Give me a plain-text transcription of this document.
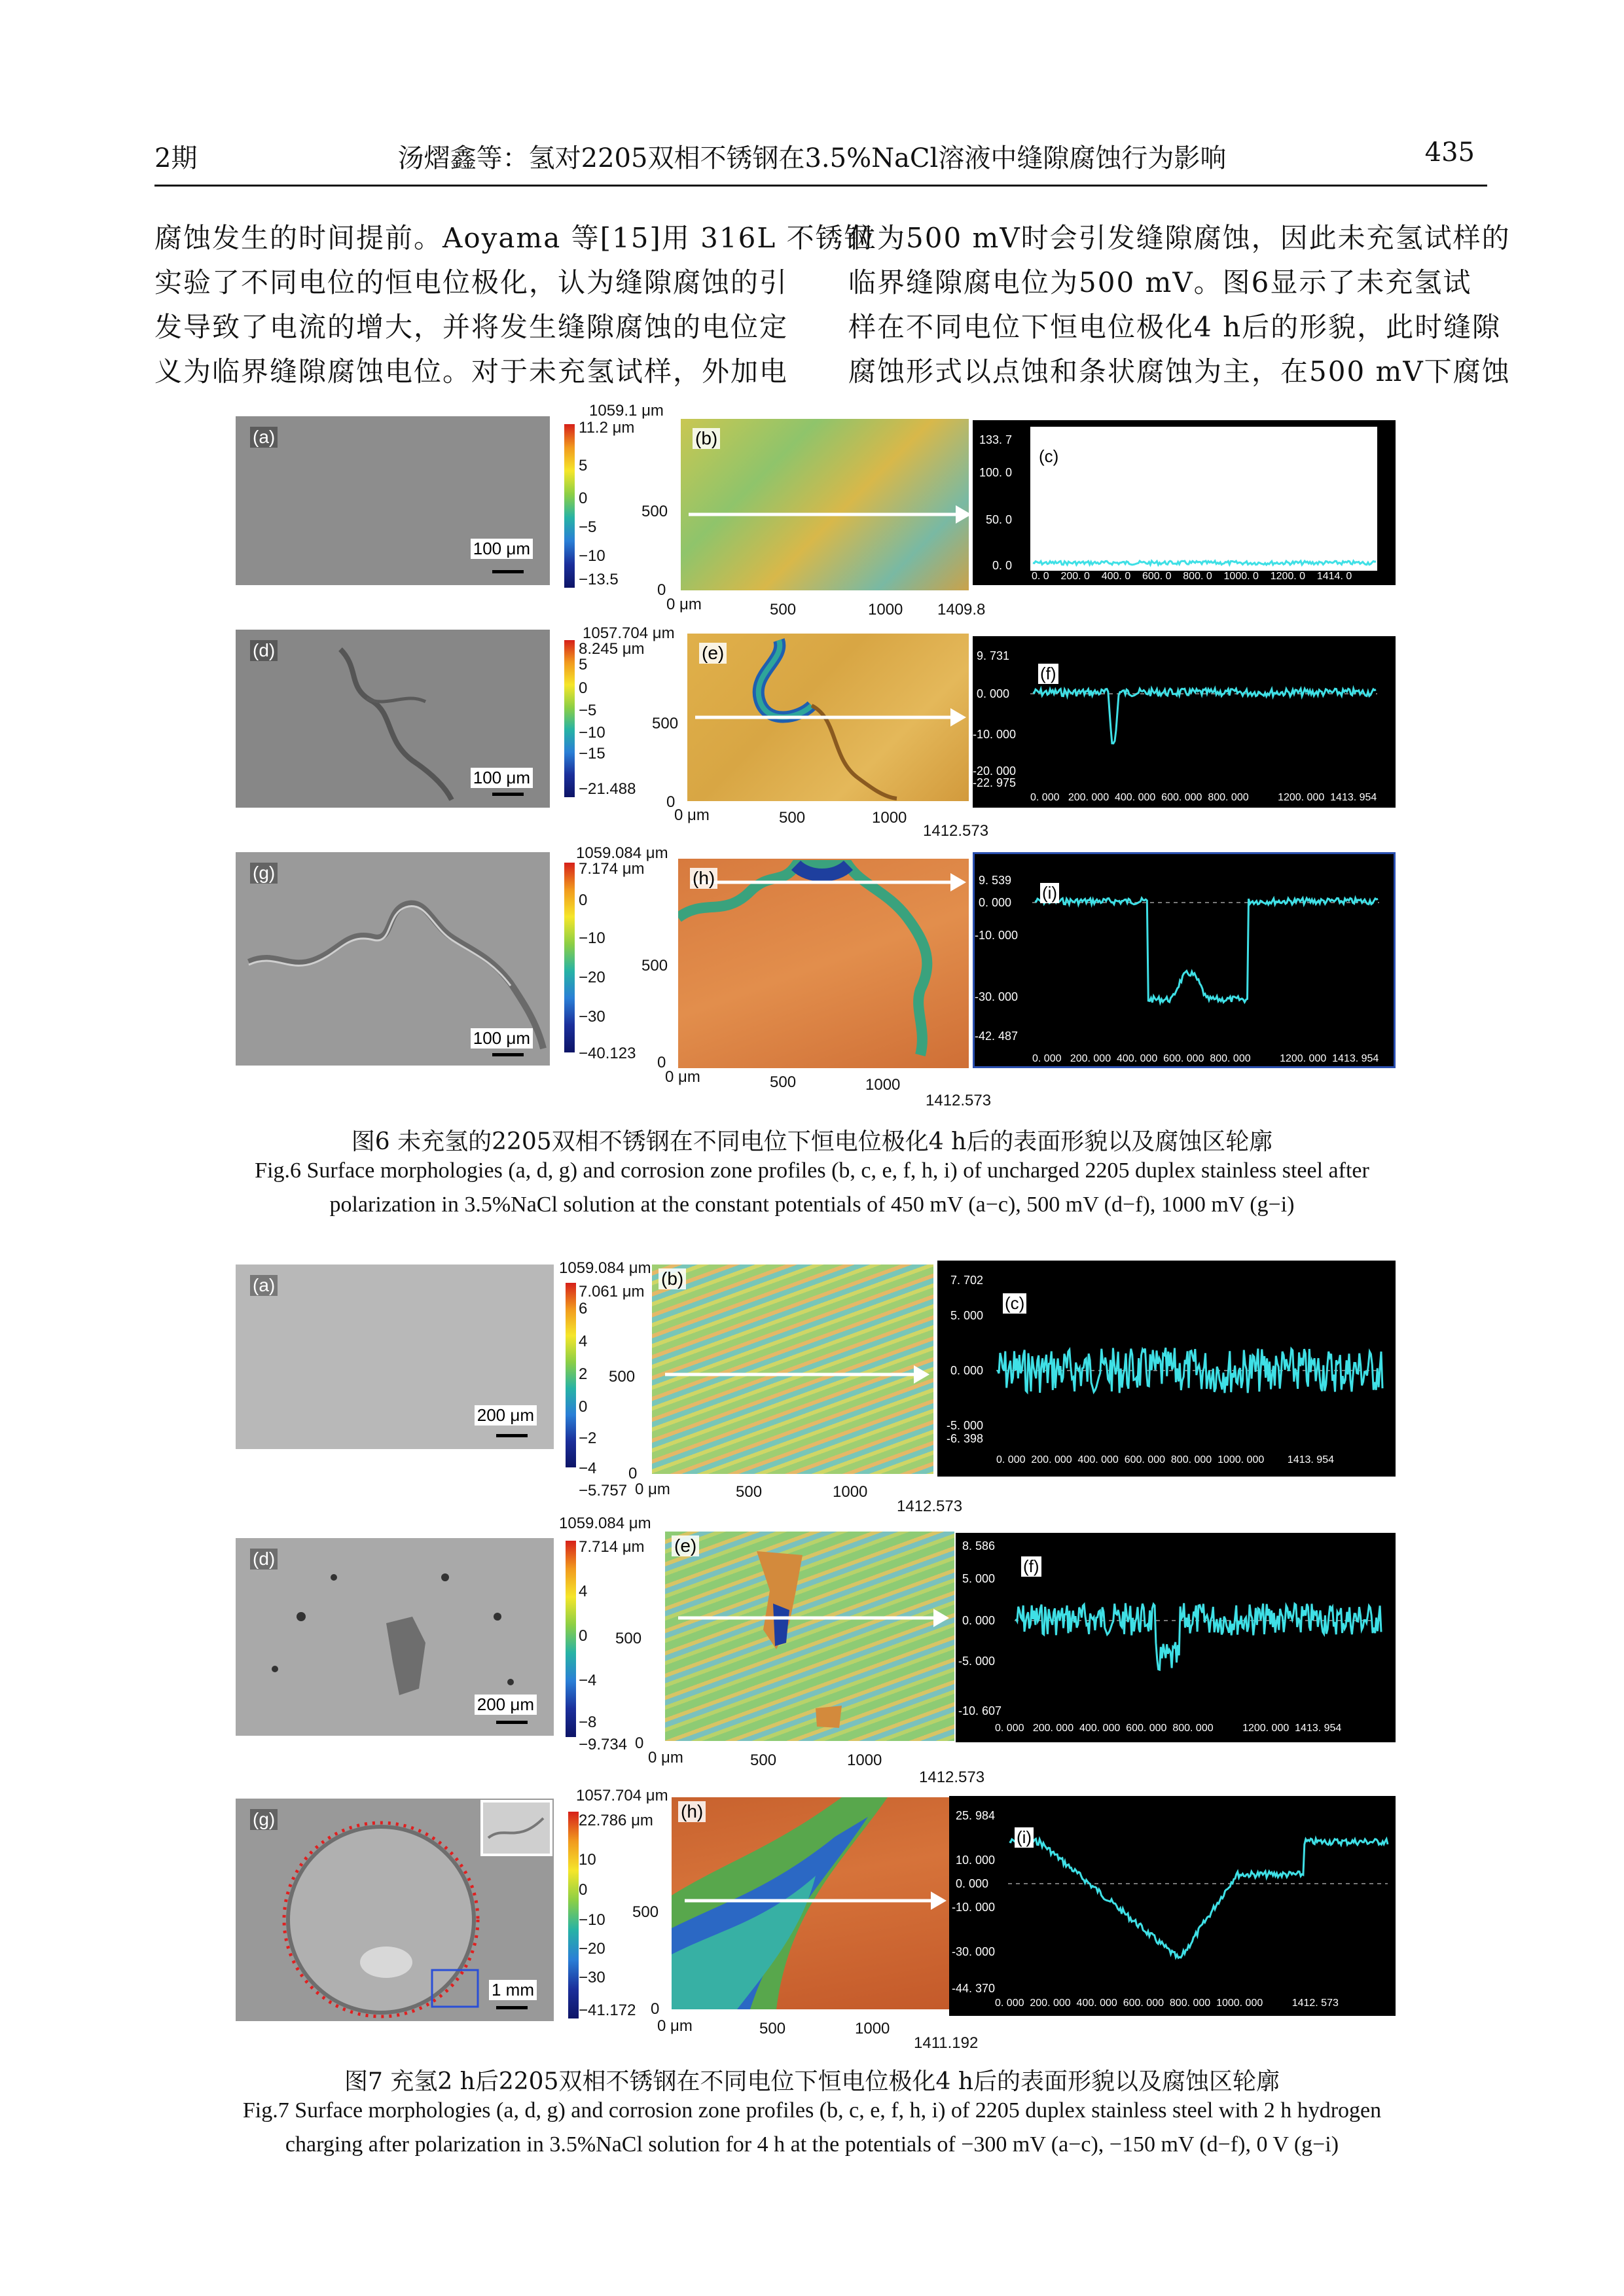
2期	汤熠鑫等：氢对2205双相不锈钢在3.5%NaCl溶液中缝隙腐蚀行为影响	435

腐蚀发生的时间提前。Aoyama 等[15]用 316L 不锈钢

实验了不同电位的恒电位极化，认为缝隙腐蚀的引

发导致了电流的增大，并将发生缝隙腐蚀的电位定

义为临界缝隙腐蚀电位。对于未充氢试样，外加电

位为500 mV时会引发缝隙腐蚀，因此未充氢试样的

临界缝隙腐电位为500 mV。图6显示了未充氢试

样在不同电位下恒电位极化4 h后的形貌，此时缝隙

腐蚀形式以点蚀和条状腐蚀为主，在500 mV下腐蚀

(a)
100 μm
11.2 μm
5
0
−5
−10
−13.5
1059.1 μm
500
0
0 μm	500	1000 1409.8
(b)
(c)
133. 7
100. 0
50. 0
0. 0
0. 0    200. 0    400. 0    600. 0    800. 0    1000. 0    1200. 0    1414. 0
(d)
100 μm
8.245 μm
5
0
−5
−10
−15
−21.488
1057.704 μm
500
0
0 μm	500	1000
1412.573
(e)
(f)
9. 731
0. 000
-10. 000
-20. 000
-22. 975
0. 000   200. 000  400. 000  600. 000  800. 000          1200. 000  1413. 954
(g)
100 μm
7.174 μm
0
−10
−20
−30
−40.123
1059.084 μm
500
0
0 μm	500	1000
1412.573
(h)
(i)
9. 539
0. 000
-10. 000
-30. 000
-42. 487
0. 000   200. 000  400. 000  600. 000  800. 000          1200. 000  1413. 954
图6 未充氢的2205双相不锈钢在不同电位下恒电位极化4 h后的表面形貌以及腐蚀区轮廓
Fig.6 Surface morphologies (a, d, g) and corrosion zone profiles (b, c, e, f, h, i) of uncharged 2205 duplex stainless steel after
polarization in 3.5%NaCl solution at the constant potentials of 450 mV (a−c), 500 mV (d−f), 1000 mV (g−i)
(a)
200 μm
1059.084 μm
7.061 μm
6
4
2
0
−2
−4
−5.757
500
0
0 μm	500	1000
1412.573
(b)
(c)
7. 702
5. 000
0. 000
-5. 000
-6. 398
0. 000  200. 000  400. 000  600. 000  800. 000  1000. 000        1413. 954
(d)
200 μm
1059.084 μm
7.714 μm
4
0
−4
−8
−9.734
500
0
0 μm	500	1000
1412.573
(e)
(f)
8. 586
5. 000
0. 000
-5. 000
-10. 607
0. 000   200. 000  400. 000  600. 000  800. 000          1200. 000  1413. 954
(g)
1 mm
1057.704 μm
22.786 μm
10
0
−10
−20
−30
−41.172
500
0
0 μm	500	1000
1411.192
(h)
(i)
25. 984
10. 000
0. 000
-10. 000
-30. 000
-44. 370
0. 000  200. 000  400. 000  600. 000  800. 000  1000. 000          1412. 573
图7 充氢2 h后2205双相不锈钢在不同电位下恒电位极化4 h后的表面形貌以及腐蚀区轮廓
Fig.7 Surface morphologies (a, d, g) and corrosion zone profiles (b, c, e, f, h, i) of 2205 duplex stainless steel with 2 h hydrogen
charging after polarization in 3.5%NaCl solution for 4 h at the potentials of −300 mV (a−c), −150 mV (d−f), 0 V (g−i)
